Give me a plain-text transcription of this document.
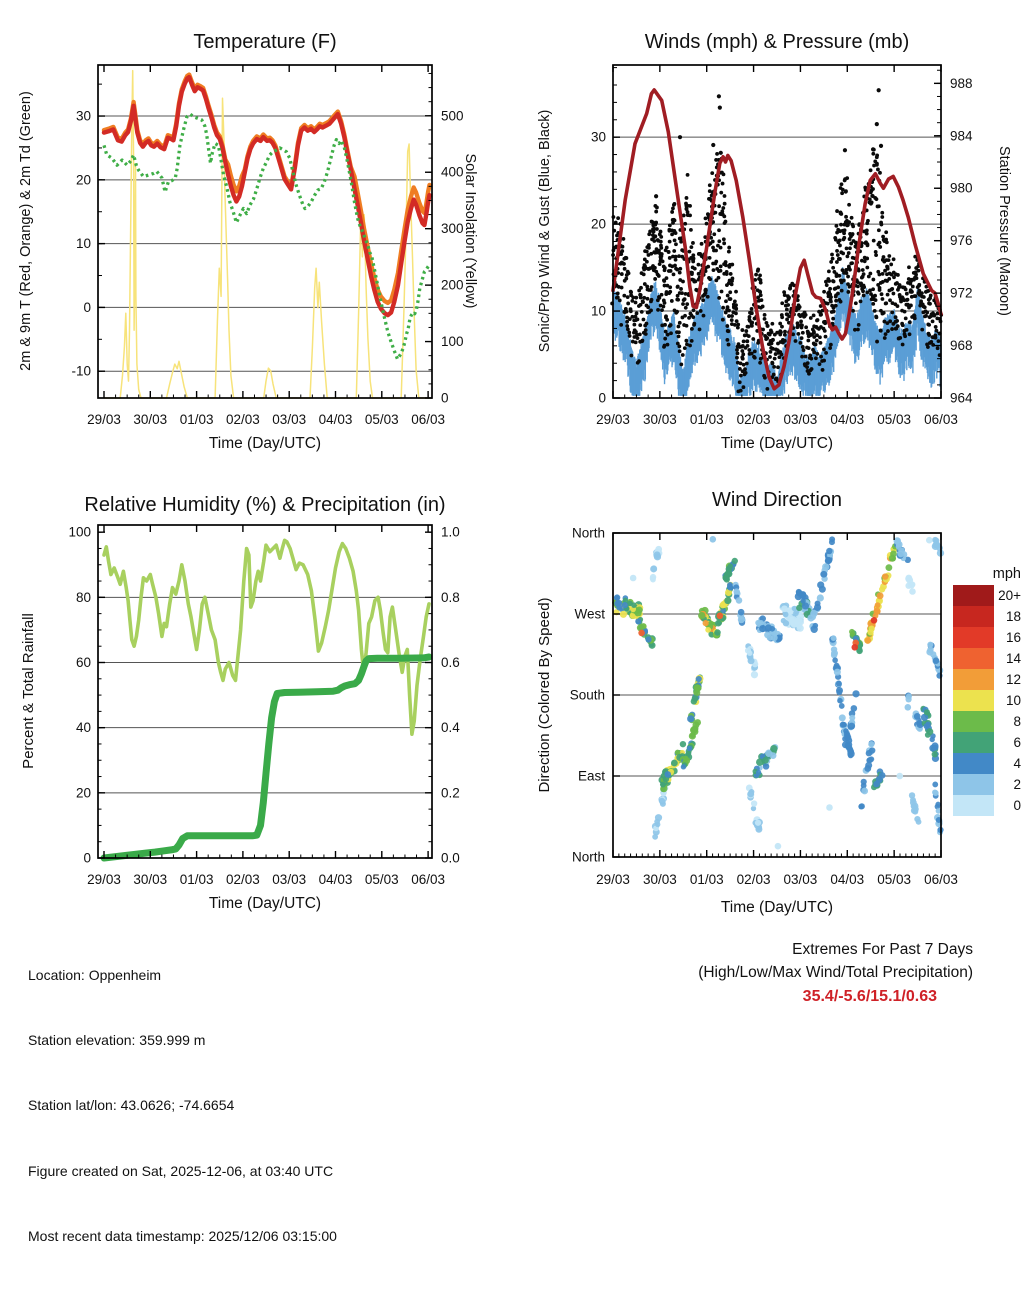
29/03 30/03 01/03 02/03 03/03 04/03 05/03 06/03
Time (Day/UTC)
-10
0
10
20
30
0
100
200
300
400
500
Temperature (F)
2m & 9m T (Red, Orange) & 2m Td (Green)	Solar Insolation (Yellow)
29/03 30/03 01/03 02/03 03/03 04/03 05/03 06/03
Time (Day/UTC)
0
10
20
30
964
968
972
976
980
984
988
Winds (mph) & Pressure (mb)
Sonic/Prop Wind & Gust (Blue, Black)	Station Pressure (Maroon)
29/03 30/03 01/03 02/03 03/03 04/03 05/03 06/03
Time (Day/UTC)
0
20
40
60
80
100
0.0
0.2
0.4
0.6
0.8
1.0
Relative Humidity (%) & Precipitation (in)
Percent & Total Rainfall
29/03 30/03 01/03 02/03 03/03 04/03 05/03 06/03
Time (Day/UTC)
North
West
South
East
North
Wind Direction
Direction (Colored By Speed)
mph
20+
18
16
14
12
10
8
6
4
2
0

Location: Oppenheim

Station elevation: 359.999 m

Station lat/lon: 43.0626; -74.6654

Figure created on Sat, 2025-12-06, at 03:40 UTC

Most recent data timestamp: 2025/12/06 03:15:00

Extremes For Past 7 Days
(High/Low/Max Wind/Total Precipitation)
35.4/-5.6/15.1/0.63
